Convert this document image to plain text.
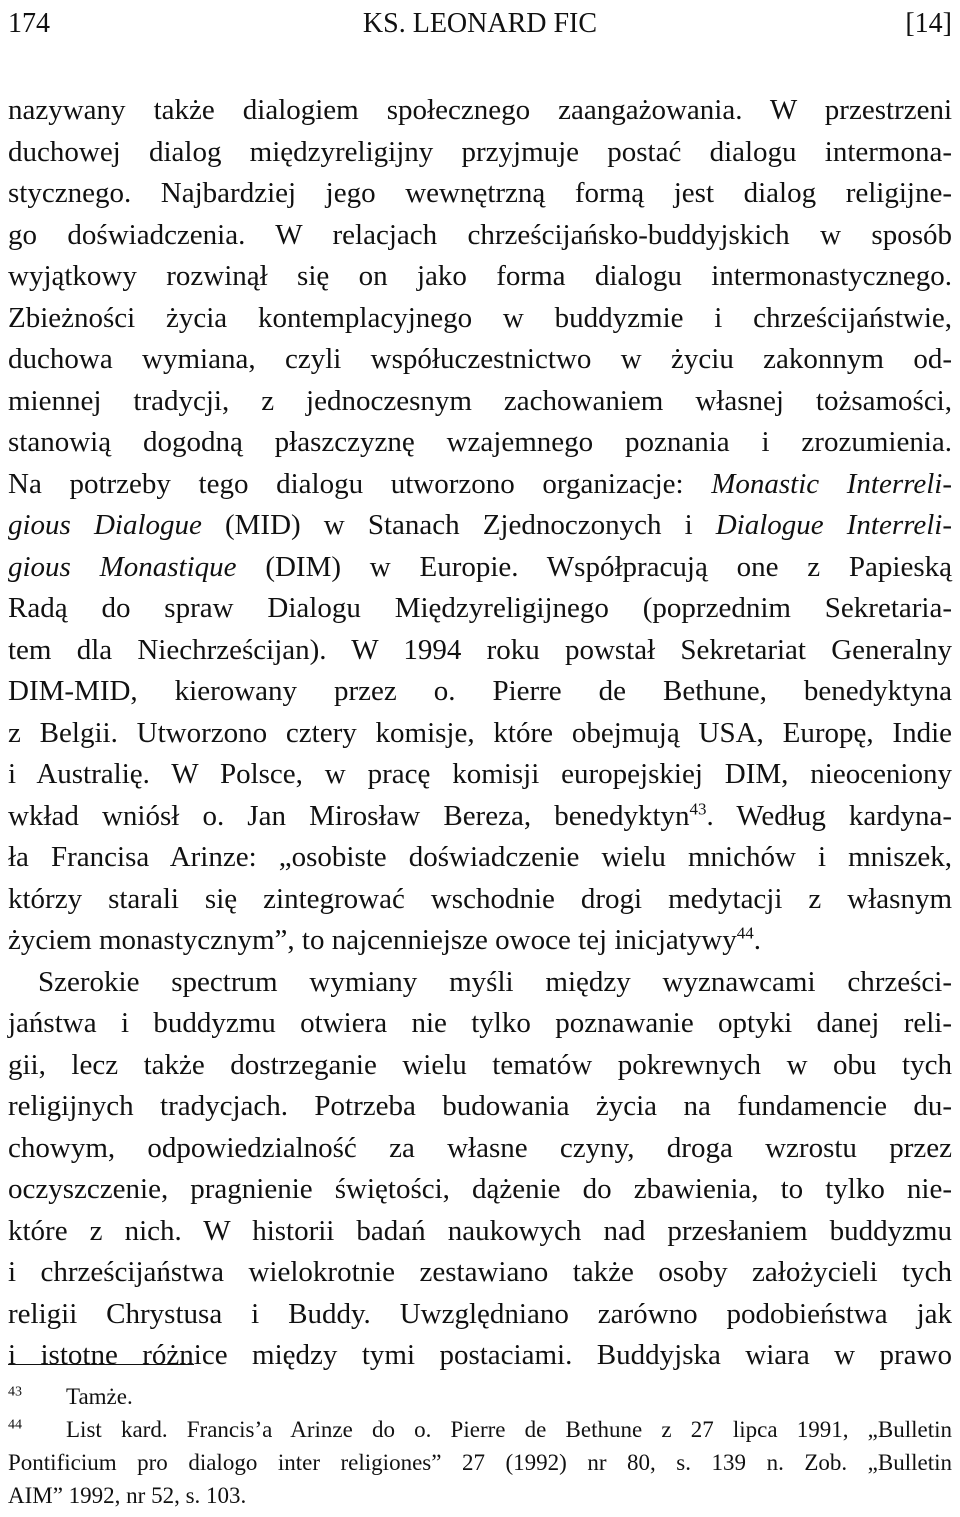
174	KS. LEONARD FIC	[14]
nazywany także dialogiem społecznego zaangażowania. W przestrzeni
duchowej dialog międzyreligijny przyjmuje postać dialogu intermona-
stycznego. Najbardziej jego wewnętrzną formą jest dialog religijne-
go doświadczenia. W relacjach chrześcijańsko-buddyjskich w sposób
wyjątkowy rozwinął się on jako forma dialogu intermonastycznego.
Zbieżności życia kontemplacyjnego w buddyzmie i chrześcijaństwie,
duchowa wymiana, czyli współuczestnictwo w życiu zakonnym od-
miennej tradycji, z jednoczesnym zachowaniem własnej tożsamości,
stanowią dogodną płaszczyznę wzajemnego poznania i zrozumienia.
Na potrzeby tego dialogu utworzono organizacje: Monastic Interreli-
gious Dialogue (MID) w Stanach Zjednoczonych i Dialogue Interreli-
gious Monastique (DIM) w Europie. Współpracują one z Papieską
Radą do spraw Dialogu Międzyreligijnego (poprzednim Sekretaria-
tem dla Niechrześcijan). W 1994 roku powstał Sekretariat Generalny
DIM-MID, kierowany przez o. Pierre de Bethune, benedyktyna
z Belgii. Utworzono cztery komisje, które obejmują USA, Europę, Indie
i Australię. W Polsce, w pracę komisji europejskiej DIM, nieoceniony
wkład wniósł o. Jan Mirosław Bereza, benedyktyn$^{43}$. Według kardyna-
ła Francisa Arinze: „osobiste doświadczenie wielu mnichów i mniszek,
którzy starali się zintegrować wschodnie drogi medytacji z własnym
życiem monastycznym”, to najcenniejsze owoce tej inicjatywy$^{44}$.
Szerokie spectrum wymiany myśli między wyznawcami chrześci-
jaństwa i buddyzmu otwiera nie tylko poznawanie optyki danej reli-
gii, lecz także dostrzeganie wielu tematów pokrewnych w obu tych
religijnych tradycjach. Potrzeba budowania życia na fundamencie du-
chowym, odpowiedzialność za własne czyny, droga wzrostu przez
oczyszczenie, pragnienie świętości, dążenie do zbawienia, to tylko nie-
które z nich. W historii badań naukowych nad przesłaniem buddyzmu
i chrześcijaństwa wielokrotnie zestawiano także osoby założycieli tych
religii Chrystusa i Buddy. Uwzględniano zarówno podobieństwa jak
i istotne różnice między tymi postaciami. Buddyjska wiara w prawo
$^{43}$ Tamże.
$^{44}$ List kard. Francis’a Arinze do o. Pierre de Bethune z 27 lipca 1991, „Bulletin
Pontificium pro dialogo inter religiones” 27 (1992) nr 80, s. 139 n. Zob. „Bulletin
AIM” 1992, nr 52, s. 103.
